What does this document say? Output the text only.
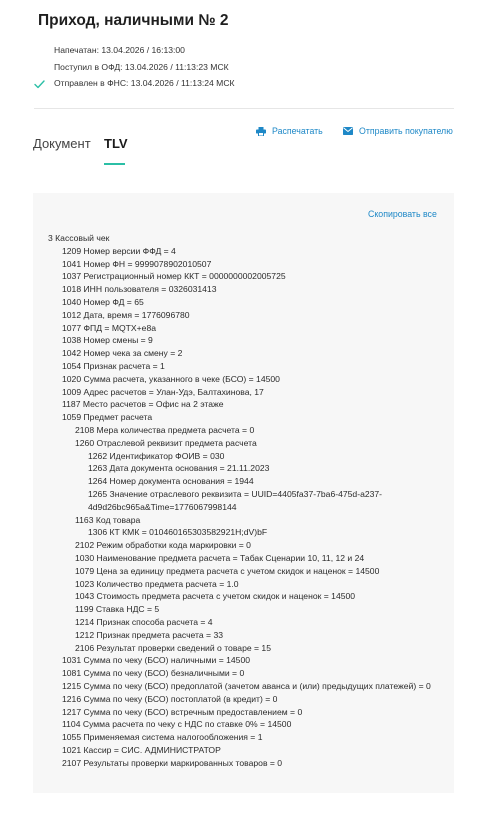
Приход, наличными № 2
Напечатан: 13.04.2026 / 16:13:00
Поступил в ОФД: 13.04.2026 / 11:13:23 МСК
Отправлен в ФНС: 13.04.2026 / 11:13:24 МСК
Документ TLV
Распечатать	Отправить покупателю
Скопировать все
3 Кассовый чек
1209 Номер версии ФФД = 4
1041 Номер ФН = 9999078902010507
1037 Регистрационный номер ККТ = 0000000002005725
1018 ИНН пользователя = 0326031413
1040 Номер ФД = 65
1012 Дата, время = 1776096780
1077 ФПД = MQTX+e8a
1038 Номер смены = 9
1042 Номер чека за смену = 2
1054 Признак расчета = 1
1020 Сумма расчета, указанного в чеке (БСО) = 14500
1009 Адрес расчетов = Улан-Удэ, Балтахинова, 17
1187 Место расчетов = Офис на 2 этаже
1059 Предмет расчета
2108 Мера количества предмета расчета = 0
1260 Отраслевой реквизит предмета расчета
1262 Идентификатор ФОИВ = 030
1263 Дата документа основания = 21.11.2023
1264 Номер документа основания = 1944
1265 Значение отраслевого реквизита = UUID=4405fa37-7ba6-475d-a237-
4d9d26bc965a&Time=1776067998144
1163 Код товара
1306 КТ КМК = 010460165303582921H;dV)bF
2102 Режим обработки кода маркировки = 0
1030 Наименование предмета расчета = Табак Сценарии 10, 11, 12 и 24
1079 Цена за единицу предмета расчета с учетом скидок и наценок = 14500
1023 Количество предмета расчета = 1.0
1043 Стоимость предмета расчета с учетом скидок и наценок = 14500
1199 Ставка НДС = 5
1214 Признак способа расчета = 4
1212 Признак предмета расчета = 33
2106 Результат проверки сведений о товаре = 15
1031 Сумма по чеку (БСО) наличными = 14500
1081 Сумма по чеку (БСО) безналичными = 0
1215 Сумма по чеку (БСО) предоплатой (зачетом аванса и (или) предыдущих платежей) = 0
1216 Сумма по чеку (БСО) постоплатой (в кредит) = 0
1217 Сумма по чеку (БСО) встречным предоставлением = 0
1104 Сумма расчета по чеку с НДС по ставке 0% = 14500
1055 Применяемая система налогообложения = 1
1021 Кассир = СИС. АДМИНИСТРАТОР
2107 Результаты проверки маркированных товаров = 0
